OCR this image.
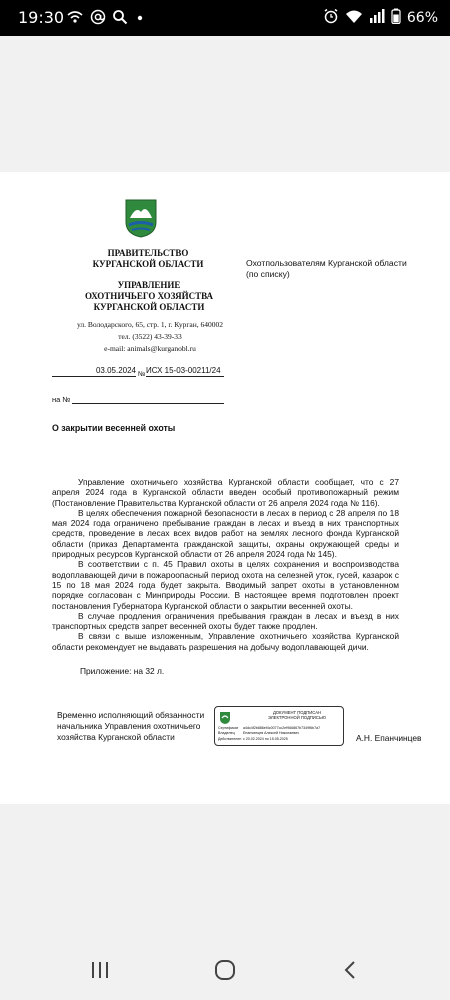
19:30	66%
ПРАВИТЕЛЬСТВО
КУРГАНСКОЙ ОБЛАСТИ
УПРАВЛЕНИЕ
ОХОТНИЧЬЕГО ХОЗЯЙСТВА
КУРГАНСКОЙ ОБЛАСТИ
ул. Володарского, 65, стр. 1, г. Курган, 640002
тел. (3522) 43-39-33
e-mail: animals@kurganobl.ru
03.05.2024 № ИСХ 15-03-00211/24
на №
Охотпользователям Курганской области
(по списку)
О закрытии весенней охоты
Управление охотничьего хозяйства Курганской области сообщает, что с 27 апреля 2024 года в Курганской области введен особый противопожарный режим (Постановление Правительства Курганской области от 26 апреля 2024 года № 116).
В целях обеспечения пожарной безопасности в лесах в период с 28 апреля по 18 мая 2024 года ограничено пребывание граждан в лесах и въезд в них транспортных средств, проведение в лесах всех видов работ на землях лесного фонда Курганской области (приказ Департамента гражданской защиты, охраны окружающей среды и природных ресурсов Курганской области от 26 апреля 2024 года № 145).
В соответствии с п. 45 Правил охоты в целях сохранения и воспроизводства водоплавающей дичи в пожароопасный период охота на селезней уток, гусей, казарок с 15 по 18 мая 2024 года будет закрыта. Вводимый запрет охоты в установленном порядке согласован с Минприроды России. В настоящее время подготовлен проект постановления Губернатора Курганской области о закрытии весенней охоты.
В случае продления ограничения пребывания граждан в лесах и въезд в них транспортных средств запрет весенней охоты будет также продлен.
В связи с выше изложенным, Управление охотничьего хозяйства Курганской области рекомендует не выдавать разрешения на добычу водоплавающей дичи.
Приложение: на 32 л.
Временно исполняющий обязанности
начальника Управления охотничьего
хозяйства Курганской области
ДОКУМЕНТ ПОДПИСАН
ЭЛЕКТРОННОЙ ПОДПИСЬЮ
Сертификат	a4dc4f2b886ef4c0077cc2ef966867b7349f6b7a7
Владелец	Епанчинцев Алексей Николаевич
Действителен с 20.02.2024 по 15.05.2025	А.Н. Епанчинцев
